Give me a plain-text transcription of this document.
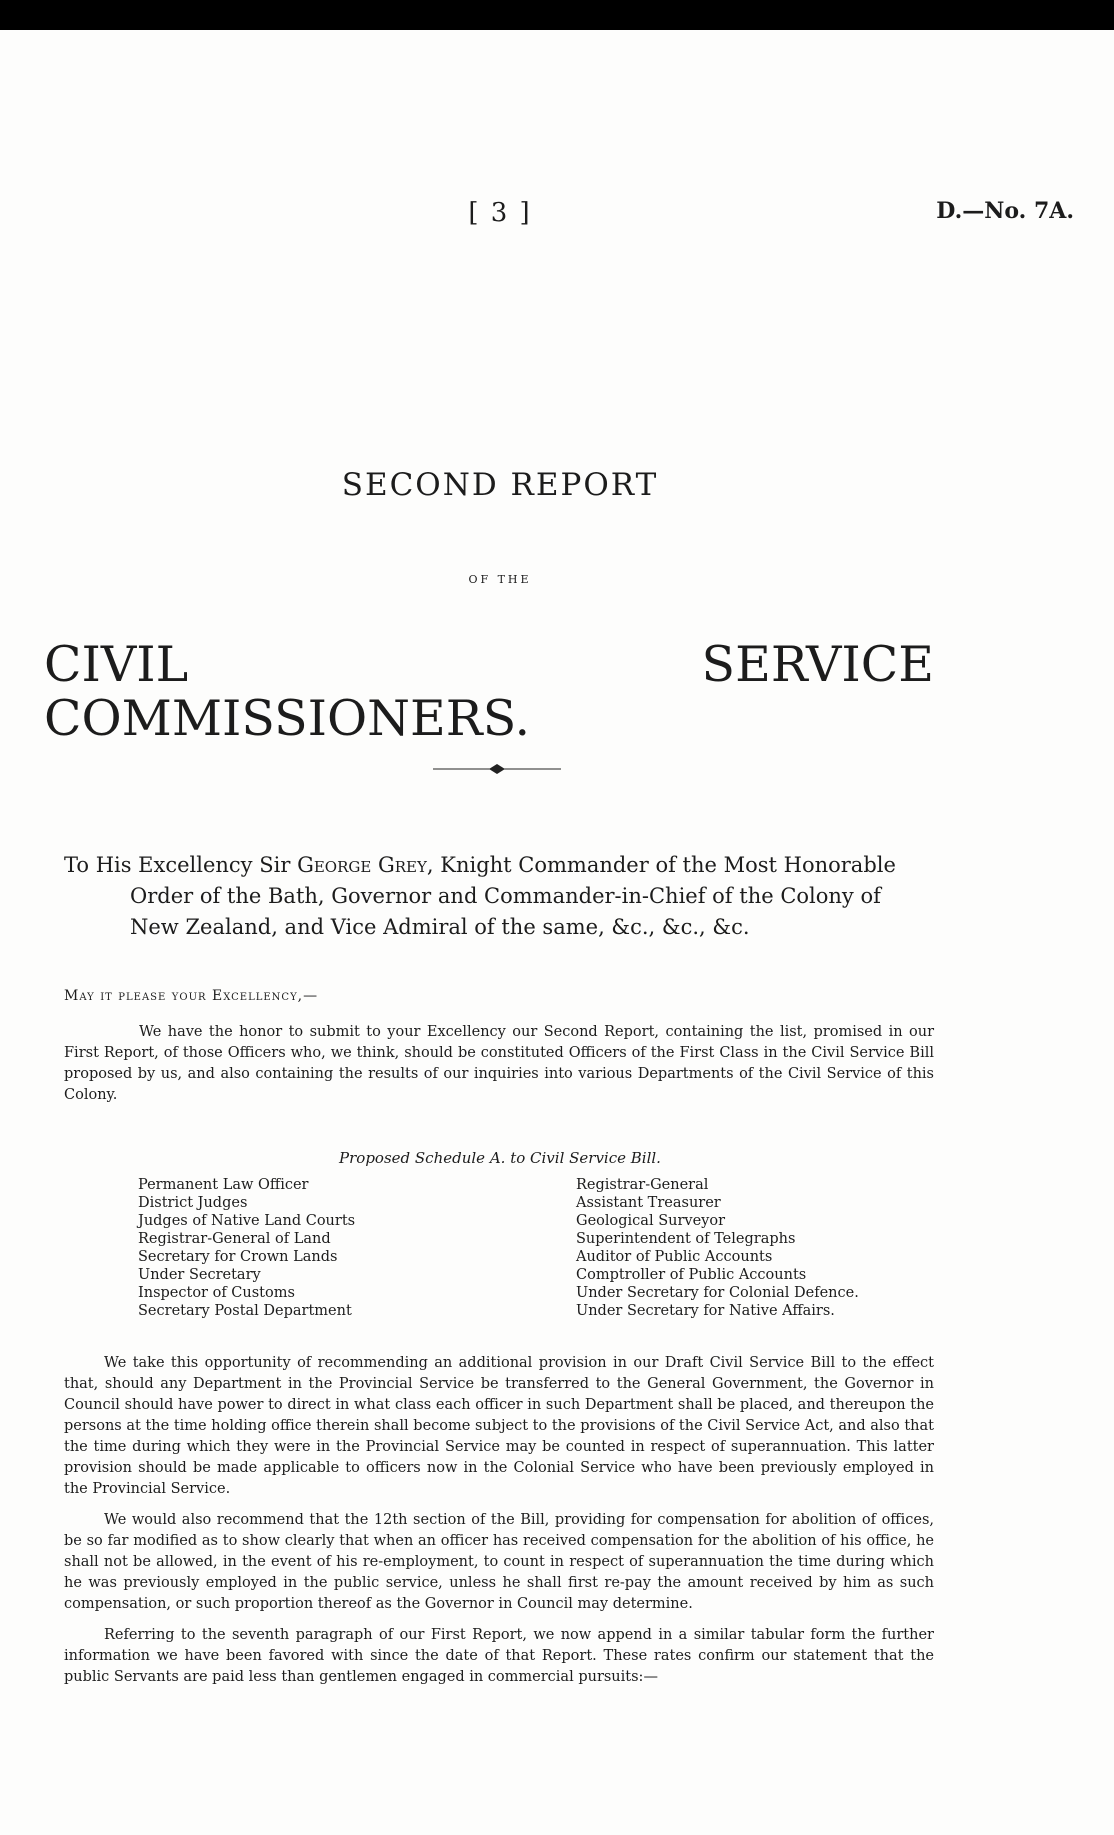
[ 3 ]	D.—No. 7A.
SECOND REPORT
OF THE
CIVIL SERVICE COMMISSIONERS.
To His Excellency Sir George Grey, Knight Commander of the Most Honorable
Order of the Bath, Governor and Commander-in-Chief of the Colony of
New Zealand, and Vice Admiral of the same, &c., &c., &c.
May it please your Excellency,—

We have the honor to submit to your Excellency our Second Report, containing the list, promised in our First Report, of those Officers who, we think, should be constituted Officers of the First Class in the Civil Service Bill proposed by us, and also containing the results of our inquiries into various Departments of the Civil Service of this Colony.

Proposed Schedule A. to Civil Service Bill.
Permanent Law Officer
District Judges
Judges of Native Land Courts
Registrar-General of Land
Secretary for Crown Lands
Under Secretary
Inspector of Customs
Secretary Postal Department
Registrar-General
Assistant Treasurer
Geological Surveyor
Superintendent of Telegraphs
Auditor of Public Accounts
Comptroller of Public Accounts
Under Secretary for Colonial Defence.
Under Secretary for Native Affairs.

We take this opportunity of recommending an additional provision in our Draft Civil Service Bill to the effect that, should any Department in the Provincial Service be transferred to the General Government, the Governor in Council should have power to direct in what class each officer in such Department shall be placed, and thereupon the persons at the time holding office therein shall become subject to the provisions of the Civil Service Act, and also that the time during which they were in the Provincial Service may be counted in respect of superannuation. This latter provision should be made applicable to officers now in the Colonial Service who have been previously employed in the Provincial Service.

We would also recommend that the 12th section of the Bill, providing for compensation for abolition of offices, be so far modified as to show clearly that when an officer has received compensation for the abolition of his office, he shall not be allowed, in the event of his re-employment, to count in respect of superannuation the time during which he was previously employed in the public service, unless he shall first re-pay the amount received by him as such compensation, or such proportion thereof as the Governor in Council may determine.

Referring to the seventh paragraph of our First Report, we now append in a similar tabular form the further information we have been favored with since the date of that Report. These rates confirm our statement that the public Servants are paid less than gentlemen engaged in commercial pursuits:—
